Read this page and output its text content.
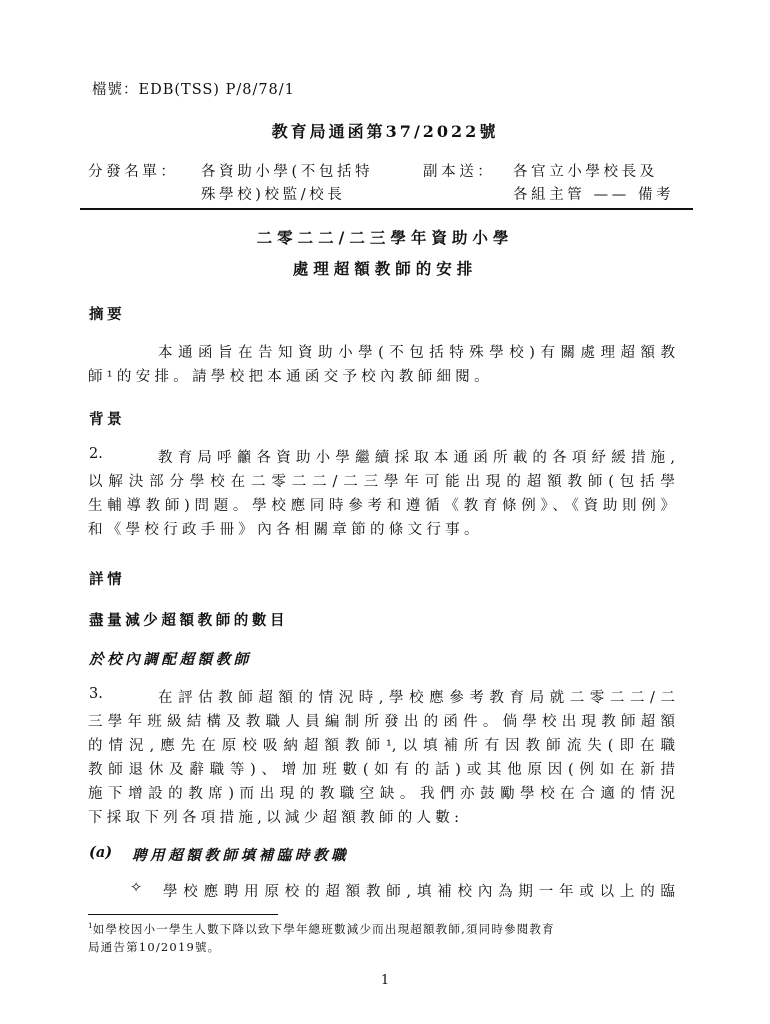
檔號：EDB(TSS) P/8/78/1
教育局通函第37/2022號
分發名單： 各資助小學(不包括特
殊學校)校監/校長
副本送： 各官立小學校長及
各組主管 —— 備考
二零二二/二三學年資助小學
處理超額教師的安排
摘要
本通函旨在告知資助小學(不包括特殊學校)有關處理超額教
師¹的安排。請學校把本通函交予校內教師細閱。
背景
2.	教育局呼籲各資助小學繼續採取本通函所載的各項紓緩措施,
以解決部分學校在二零二二/二三學年可能出現的超額教師(包括學
生輔導教師)問題。學校應同時參考和遵循《教育條例》、《資助則例》
和《學校行政手冊》內各相關章節的條文行事。
詳情
盡量減少超額教師的數目
於校內調配超額教師
3.	在評估教師超額的情況時,學校應參考教育局就二零二二/二
三學年班級結構及教職人員編制所發出的函件。倘學校出現教師超額
的情況,應先在原校吸納超額教師¹,以填補所有因教師流失(即在職
教師退休及辭職等)、增加班數(如有的話)或其他原因(例如在新措
施下增設的教席)而出現的教職空缺。我們亦鼓勵學校在合適的情況
下採取下列各項措施,以減少超額教師的人數:
(a) 聘用超額教師填補臨時教職
✧ 學校應聘用原校的超額教師,填補校內為期一年或以上的臨
$^1$如學校因小一學生人數下降以致下學年總班數減少而出現超額教師,須同時參閱教育
局通告第10/2019號。
1
